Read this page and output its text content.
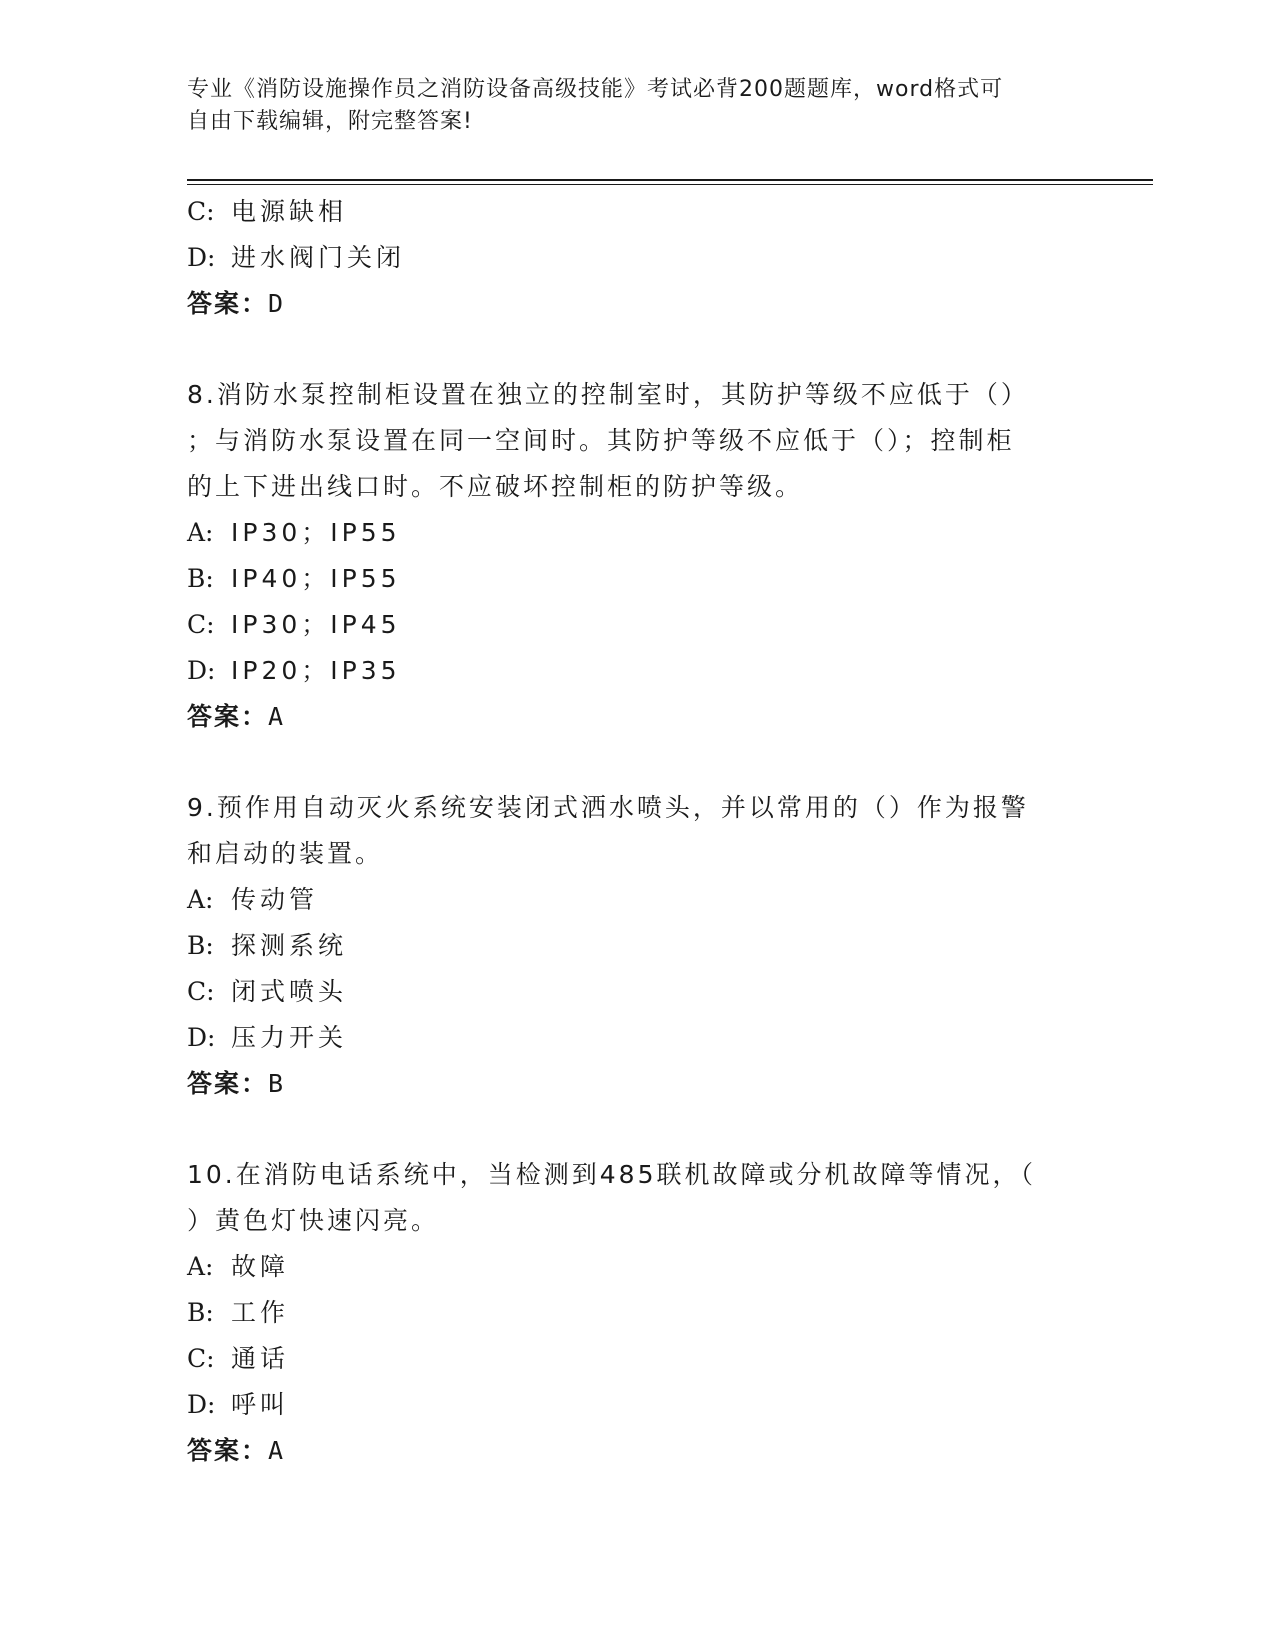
专业《消防设施操作员之消防设备高级技能》考试必背200题题库，word格式可
自由下载编辑，附完整答案!
C: 电源缺相
D: 进水阀门关闭
答案：D
8.消防水泵控制柜设置在独立的控制室时，其防护等级不应低于（）
；与消防水泵设置在同一空间时。其防护等级不应低于（）；控制柜
的上下进出线口时。不应破坏控制柜的防护等级。
A: IP30；IP55
B: IP40；IP55
C: IP30；IP45
D: IP20；IP35
答案：A
9.预作用自动灭火系统安装闭式洒水喷头，并以常用的（）作为报警
和启动的装置。
A: 传动管
B: 探测系统
C: 闭式喷头
D: 压力开关
答案：B
10.在消防电话系统中，当检测到485联机故障或分机故障等情况，（
）黄色灯快速闪亮。
A: 故障
B: 工作
C: 通话
D: 呼叫
答案：A
